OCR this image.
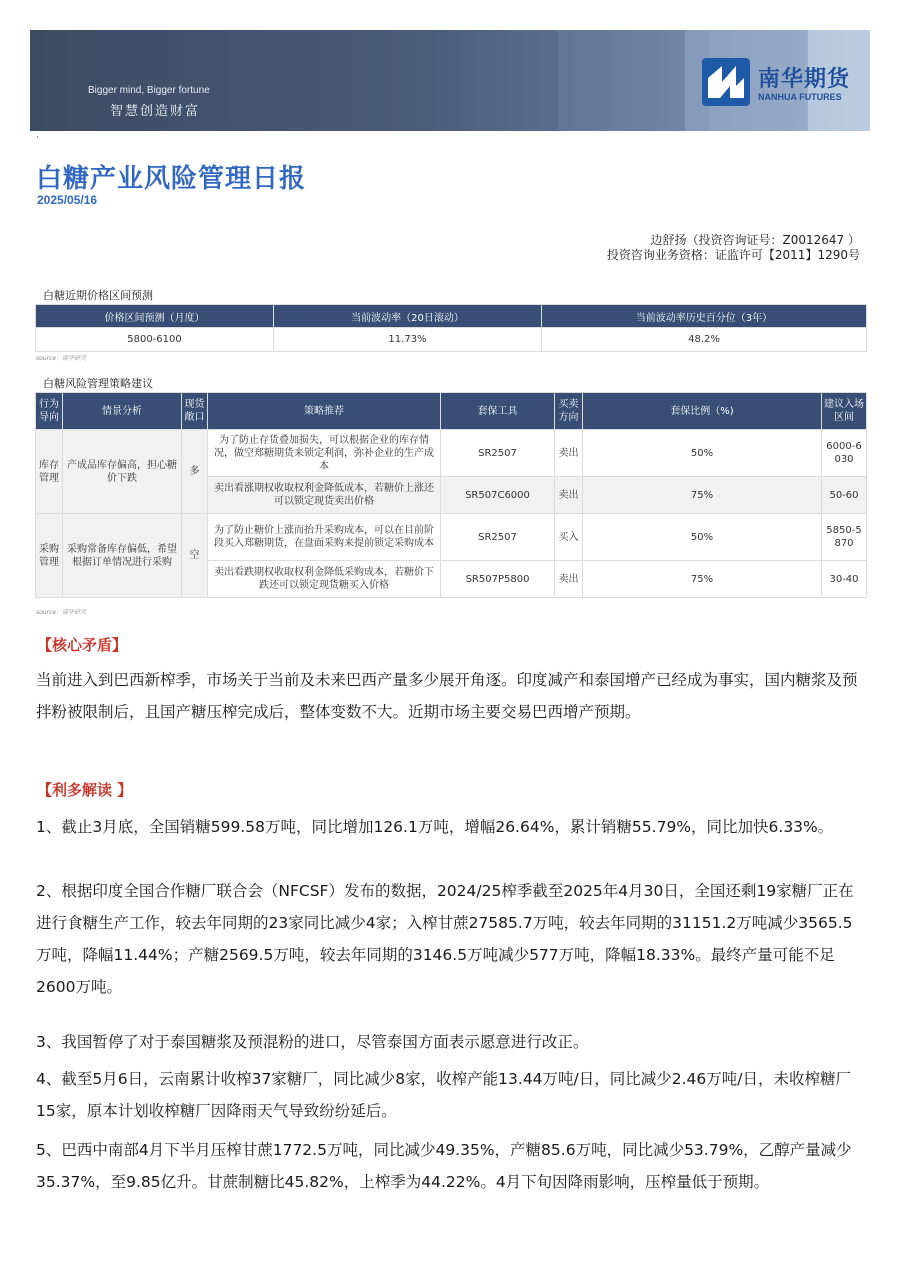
Bigger mind, Bigger fortune
智慧创造财富
南华期货
NANHUA FUTURES
·
白糖产业风险管理日报
2025/05/16
边舒扬（投资咨询证号：Z0012647 ）
投资咨询业务资格：证监许可【2011】1290号
白糖近期价格区间预测
价格区间预测（月度）	当前波动率（20日滚动）	当前波动率历史百分位（3年）
5800-6100	11.73%	48.2%
source：南华研究
白糖风险管理策略建议
行为导向	情景分析	现货敞口	策略推荐	套保工具	买卖方向	套保比例（%)	建议入场区间
库存管理	产成品库存偏高，担心糖价下跌	多	为了防止存货叠加损失，可以根据企业的库存情况，做空郑糖期货来锁定利润，弥补企业的生产成本	SR2507	卖出	50%	6000-6030
			卖出看涨期权收取权利金降低成本，若糖价上涨还可以锁定现货卖出价格	SR507C6000	卖出	75%	50-60
采购管理	采购常备库存偏低，希望根据订单情况进行采购	空	为了防止糖价上涨而抬升采购成本，可以在目前阶段买入郑糖期货，在盘面采购来提前锁定采购成本	SR2507	买入	50%	5850-5870
			卖出看跌期权收取权利金降低采购成本，若糖价下跌还可以锁定现货糖买入价格	SR507P5800	卖出	75%	30-40
source：南华研究
【核心矛盾】
当前进入到巴西新榨季，市场关于当前及未来巴西产量多少展开角逐。印度减产和泰国增产已经成为事实，国内糖浆及预拌粉被限制后，且国产糖压榨完成后，整体变数不大。近期市场主要交易巴西增产预期。
【利多解读 】
1、截止3月底，全国销糖599.58万吨，同比增加126.1万吨，增幅26.64%，累计销糖55.79%，同比加快6.33%。
2、根据印度全国合作糖厂联合会（NFCSF）发布的数据，2024/25榨季截至2025年4月30日，全国还剩19家糖厂正在进行食糖生产工作，较去年同期的23家同比减少4家；入榨甘蔗27585.7万吨，较去年同期的31151.2万吨减少3565.5万吨，降幅11.44%；产糖2569.5万吨，较去年同期的3146.5万吨减少577万吨，降幅18.33%。最终产量可能不足2600万吨。
3、我国暂停了对于泰国糖浆及预混粉的进口，尽管泰国方面表示愿意进行改正。
4、截至5月6日，云南累计收榨37家糖厂，同比减少8家，收榨产能13.44万吨/日，同比减少2.46万吨/日，未收榨糖厂15家，原本计划收榨糖厂因降雨天气导致纷纷延后。
5、巴西中南部4月下半月压榨甘蔗1772.5万吨，同比减少49.35%，产糖85.6万吨，同比减少53.79%，乙醇产量减少35.37%，至9.85亿升。甘蔗制糖比45.82%，上榨季为44.22%。4月下旬因降雨影响，压榨量低于预期。
